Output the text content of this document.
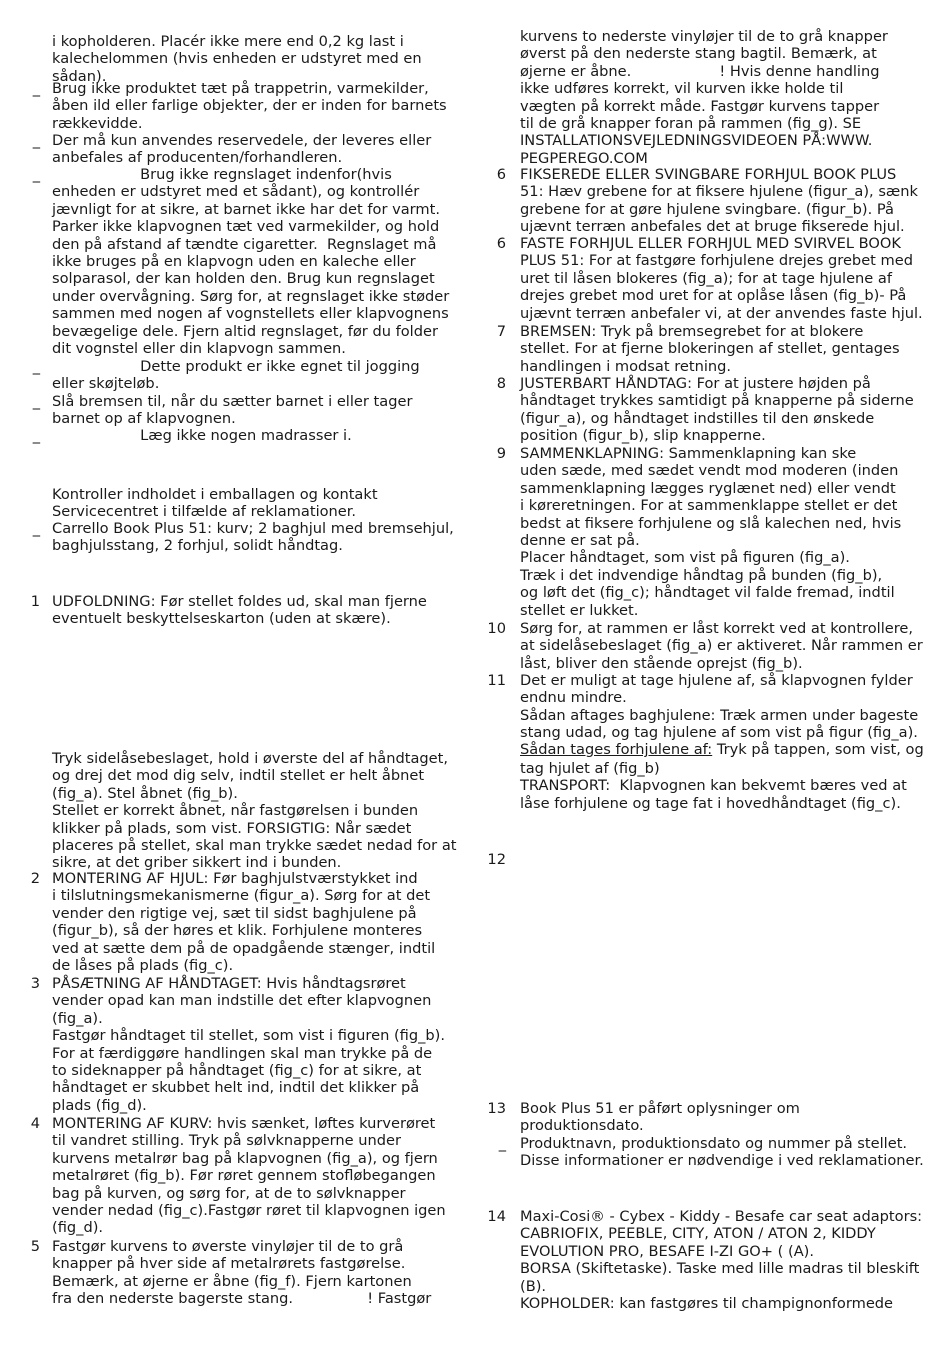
i kopholderen. Placér ikke mere end 0,2 kg last i
kalechelommen (hvis enheden er udstyret med en
sådan).
_ Brug ikke produktet tæt på trappetrin, varmekilder,
åben ild eller farlige objekter, der er inden for barnets
rækkevidde.
_ Der må kun anvendes reservedele, der leveres eller
anbefales af producenten/forhandleren.
_ Brug ikke regnslaget indenfor(hvis
enheden er udstyret med et sådant), og kontrollér
jævnligt for at sikre, at barnet ikke har det for varmt.
Parker ikke klapvognen tæt ved varmekilder, og hold
den på afstand af tændte cigaretter.  Regnslaget må
ikke bruges på en klapvogn uden en kaleche eller
solparasol, der kan holden den. Brug kun regnslaget
under overvågning. Sørg for, at regnslaget ikke støder
sammen med nogen af vognstellets eller klapvognens
bevægelige dele. Fjern altid regnslaget, før du folder
dit vognstel eller din klapvogn sammen.
_ Dette produkt er ikke egnet til jogging
eller skøjteløb.
_ Slå bremsen til, når du sætter barnet i eller tager
barnet op af klapvognen.
_ Læg ikke nogen madrasser i.
Kontroller indholdet i emballagen og kontakt
Servicecentret i tilfælde af reklamationer.
_ Carrello Book Plus 51: kurv; 2 baghjul med bremsehjul,
baghjulsstang, 2 forhjul, solidt håndtag.
1 UDFOLDNING: Før stellet foldes ud, skal man fjerne
eventuelt beskyttelseskarton (uden at skære).
Tryk sidelåsebeslaget, hold i øverste del af håndtaget,
og drej det mod dig selv, indtil stellet er helt åbnet
(fig_a). Stel åbnet (fig_b).
Stellet er korrekt åbnet, når fastgørelsen i bunden
klikker på plads, som vist. FORSIGTIG: Når sædet
placeres på stellet, skal man trykke sædet nedad for at
sikre, at det griber sikkert ind i bunden.
2 MONTERING AF HJUL: Før baghjulstværstykket ind
i tilslutningsmekanismerne (figur_a). Sørg for at det
vender den rigtige vej, sæt til sidst baghjulene på
(figur_b), så der høres et klik. Forhjulene monteres
ved at sætte dem på de opadgående stænger, indtil
de låses på plads (fig_c).
3 PÅSÆTNING AF HÅNDTAGET: Hvis håndtagsrøret
vender opad kan man indstille det efter klapvognen
(fig_a).
Fastgør håndtaget til stellet, som vist i figuren (fig_b).
For at færdiggøre handlingen skal man trykke på de
to sideknapper på håndtaget (fig_c) for at sikre, at
håndtaget er skubbet helt ind, indtil det klikker på
plads (fig_d).
4 MONTERING AF KURV: hvis sænket, løftes kurverøret
til vandret stilling. Tryk på sølvknapperne under
kurvens metalrør bag på klapvognen (fig_a), og fjern
metalrøret (fig_b). Før røret gennem stofløbegangen
bag på kurven, og sørg for, at de to sølvknapper
vender nedad (fig_c).Fastgør røret til klapvognen igen
(fig_d).
5 Fastgør kurvens to øverste vinyløjer til de to grå
knapper på hver side af metalrørets fastgørelse.
Bemærk, at øjerne er åbne (fig_f). Fjern kartonen
fra den nederste bagerste stang.                ! Fastgør
kurvens to nederste vinyløjer til de to grå knapper
øverst på den nederste stang bagtil. Bemærk, at
øjerne er åbne.                   ! Hvis denne handling
ikke udføres korrekt, vil kurven ikke holde til
vægten på korrekt måde. Fastgør kurvens tapper
til de grå knapper foran på rammen (fig_g). SE
INSTALLATIONSVEJLEDNINGSVIDEOEN PÅ:WWW.
PEGPEREGO.COM
6 FIKSEREDE ELLER SVINGBARE FORHJUL BOOK PLUS
51: Hæv grebene for at fiksere hjulene (figur_a), sænk
grebene for at gøre hjulene svingbare. (figur_b). På
ujævnt terræn anbefales det at bruge fikserede hjul.
6 FASTE FORHJUL ELLER FORHJUL MED SVIRVEL BOOK
PLUS 51: For at fastgøre forhjulene drejes grebet med
uret til låsen blokeres (fig_a); for at tage hjulene af
drejes grebet mod uret for at oplåse låsen (fig_b)- På
ujævnt terræn anbefaler vi, at der anvendes faste hjul.
7 BREMSEN: Tryk på bremsegrebet for at blokere
stellet. For at fjerne blokeringen af stellet, gentages
handlingen i modsat retning.
8 JUSTERBART HÅNDTAG: For at justere højden på
håndtaget trykkes samtidigt på knapperne på siderne
(figur_a), og håndtaget indstilles til den ønskede
position (figur_b), slip knapperne.
9 SAMMENKLAPNING: Sammenklapning kan ske
uden sæde, med sædet vendt mod moderen (inden
sammenklapning lægges ryglænet ned) eller vendt
i køreretningen. For at sammenklappe stellet er det
bedst at fiksere forhjulene og slå kalechen ned, hvis
denne er sat på.
Placer håndtaget, som vist på figuren (fig_a).
Træk i det indvendige håndtag på bunden (fig_b),
og løft det (fig_c); håndtaget vil falde fremad, indtil
stellet er lukket.
10 Sørg for, at rammen er låst korrekt ved at kontrollere,
at sidelåsebeslaget (fig_a) er aktiveret. Når rammen er
låst, bliver den stående oprejst (fig_b).
11 Det er muligt at tage hjulene af, så klapvognen fylder
endnu mindre.
Sådan aftages baghjulene: Træk armen under bageste
stang udad, og tag hjulene af som vist på figur (fig_a).
Sådan tages forhjulene af: Tryk på tappen, som vist, og
tag hjulet af (fig_b)
TRANSPORT:  Klapvognen kan bekvemt bæres ved at
låse forhjulene og tage fat i hovedhåndtaget (fig_c).
12
13 Book Plus 51 er påført oplysninger om
produktionsdato.
_ Produktnavn, produktionsdato og nummer på stellet.
Disse informationer er nødvendige i ved reklamationer.
14 Maxi-Cosi® - Cybex - Kiddy - Besafe car seat adaptors:
CABRIOFIX, PEEBLE, CITY, ATON / ATON 2, KIDDY
EVOLUTION PRO, BESAFE I-ZI GO+ ( (A).
BORSA (Skiftetaske). Taske med lille madras til bleskift
(B).
KOPHOLDER: kan fastgøres til champignonformede
